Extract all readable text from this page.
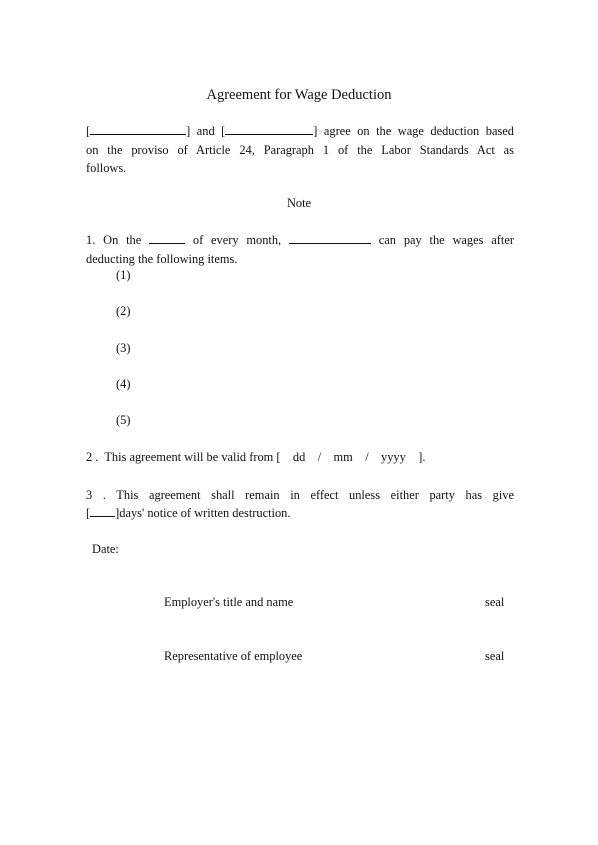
Agreement for Wage Deduction
[	] and [	] agree on the wage deduction based
on the proviso of Article 24, Paragraph 1 of the Labor Standards Act as
follows.
Note
1. On the	of every month,	can pay the wages after
deducting the following items.
(1)
(2)
(3)
(4)
(5)
2 .  This agreement will be valid from [    dd    /    mm    /    yyyy    ].
3 . This agreement shall remain in effect unless either party has give
[ ]days' notice of written destruction.
Date:
Employer's title and name	seal
Representative of employee	seal
